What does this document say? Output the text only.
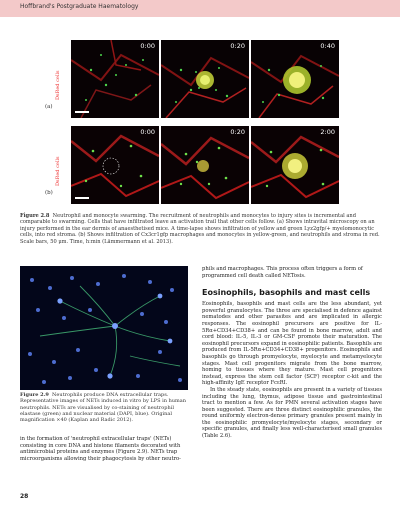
Hoffbrand's Postgraduate Haematology
DsRed cells
(a)
0:00	0:20	0:40
DsRed cells
(b)
0:00	0:20	2:00
Figure 2.8 Neutrophil and monocyte swarming. The recruitment of neutrophils and monocytes to injury sites is incremental and comparable to swarming. Cells that have infiltrated leave an activation trail that other cells follow. (a) Shows intravital microscopy on an injury performed in the ear dermis of anaesthetised mice. A time-lapse shows infiltration of yellow and green Lyz2gfp/+ myelomonocytic cells, into red stroma. (b) Shows infiltration of Cx3cr1gfp macrophages and monocytes in yellow-green, and neutrophils and stroma in red. Scale bars, 50 μm. Time, h:min (Lämmermann et al. 2013).
Figure 2.9 Neutrophils produce DNA extracellular traps. Representative images of NETs induced in vitro by LPS in human neutrophils. NETs are visualised by co-staining of neutrophil elastase (green) and nuclear material (DAPI, blue). Original magnification ×40 (Kaplan and Radic 2012).

in the formation of 'neutrophil extracellular traps' (NETs) consisting in core DNA and histone filaments decorated with antimicrobial proteins and enzymes (Figure 2.9). NETs trap microorganisms allowing their phagocytosis by other neutro-

phils and macrophages. This process often triggers a form of programmed cell death called NETosis.

Eosinophils, basophils and mast cells

Eosinophils, basophils and mast cells are the less abundant, yet powerful granulocytes. The three are specialised in defence against nematodes and other parasites and are implicated in allergic responses. The eosinophil precursors are positive for IL-5Rα+CD34+CD38+ and can be found in bone marrow, adult and cord blood: IL-5, IL-3 or GM-CSF promote their maturation. The eosinophil precursors expand in eosinophilic patients. Basophils are produced from IL-5Rα+CD34+CD38+ progenitors. Eosinophils and basophils go through promyelocyte, myelocyte and metamyelocyte stages. Mast cell progenitors migrate from the bone marrow, homing to tissues where they mature. Mast cell progenitors instead, express the stem cell factor (SCF) receptor c-kit and the high-affinity IgE receptor FcεRI.

In the steady state, eosinophils are present in a variety of tissues including the lung, thymus, adipose tissue and gastrointestinal tract to mention a few. As for PMN several activation stages have been suggested. There are three distinct eosinophilic granules, the round uniformly electron-dense primary granules present mainly in the eosinophilic promyelocyte/myelocyte stages, secondary or specific granules, and finally less well-characterised small granules (Table 2.6).

28
